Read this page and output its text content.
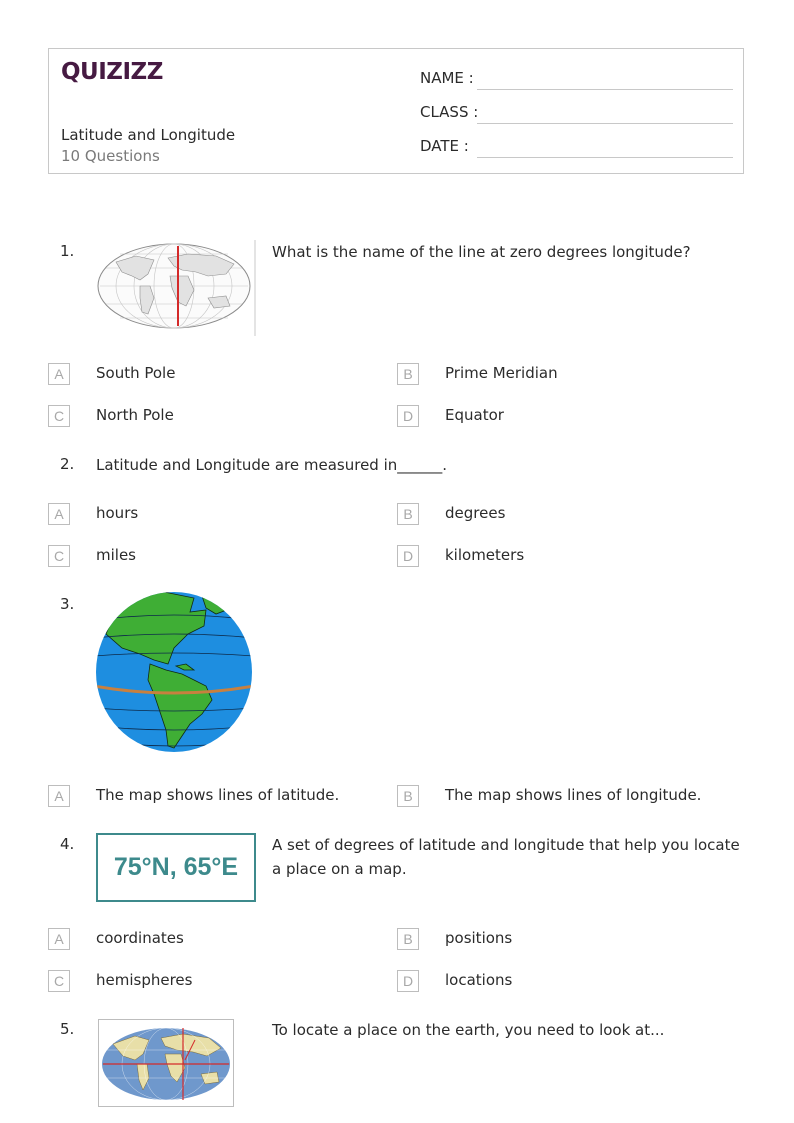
QUIZIZZ
Latitude and Longitude
10 Questions
NAME :
CLASS :
DATE :
1.	What is the name of the line at zero degrees longitude?
A	South Pole	B	Prime Meridian
C	North Pole	D	Equator
2. Latitude and Longitude are measured in______.
A	hours	B	degrees
C	miles	D	kilometers
3.
A	The map shows lines of latitude.	B	The map shows lines of longitude.
4.
75°N, 65°E
A set of degrees of latitude and longitude that help you locate a place on a map.
A	coordinates	B	positions
C	hemispheres	D	locations
5.	To locate a place on the earth, you need to look at...
